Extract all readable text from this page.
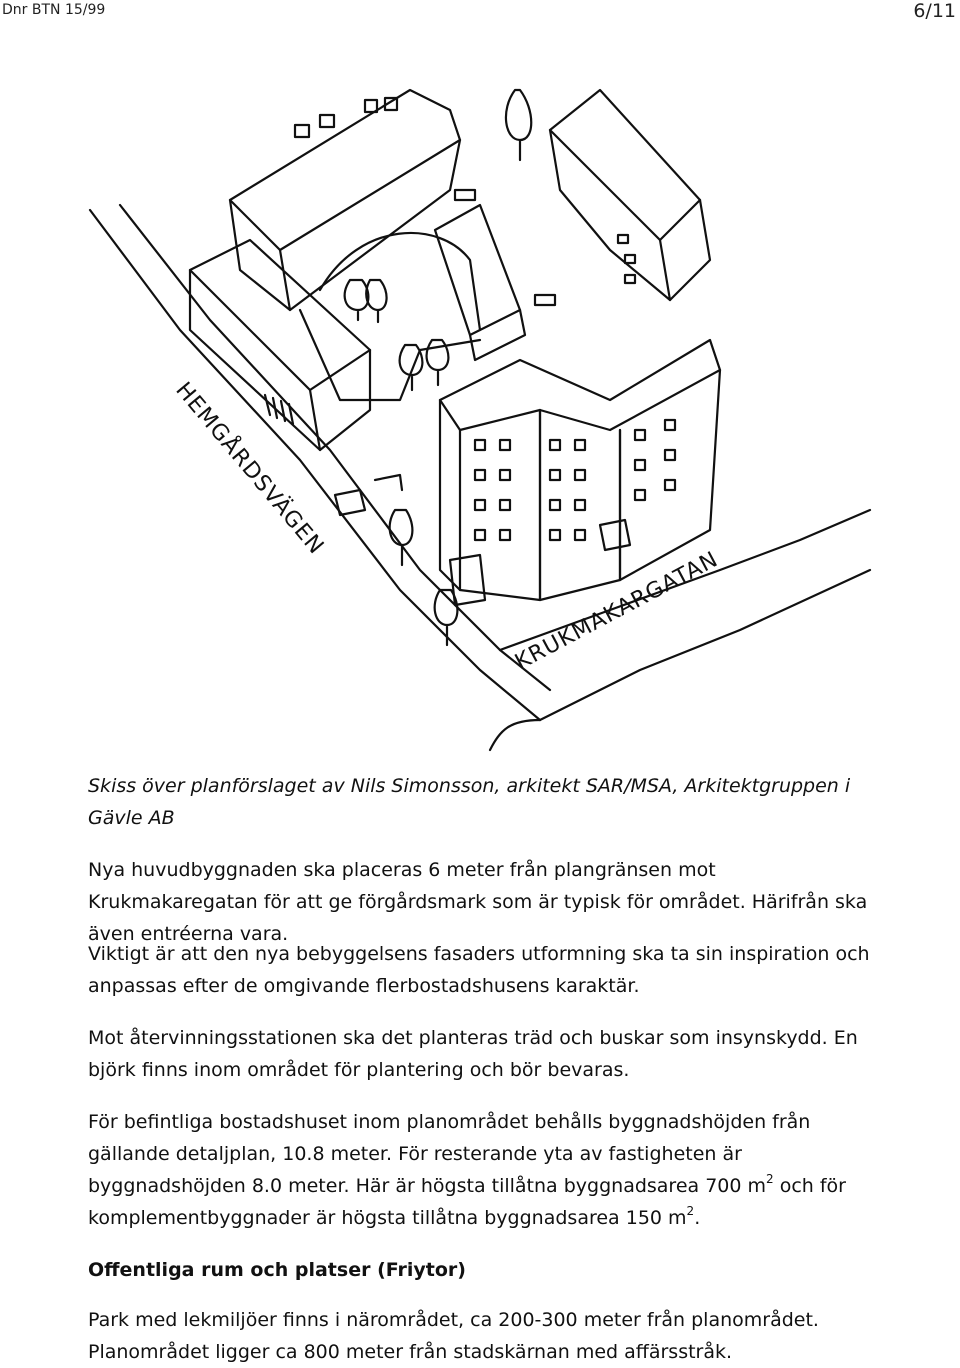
Dnr BTN 15/99	6/11
HEMGÅRDSVÄGEN
KRUKMAKARGATAN

Skiss över planförslaget av Nils Simonsson, arkitekt SAR/MSA, Arkitektgruppen i Gävle AB

Nya huvudbyggnaden ska placeras 6 meter från plangränsen mot Krukmakaregatan för att ge förgårdsmark som är typisk för området. Härifrån ska även entréerna vara.

Viktigt är att den nya bebyggelsens fasaders utformning ska ta sin inspiration och anpassas efter de omgivande flerbostadshusens karaktär.

Mot återvinningsstationen ska det planteras träd och buskar som insynskydd. En björk finns inom området för plantering och bör bevaras.

För befintliga bostadshuset inom planområdet behålls byggnadshöjden från gällande detaljplan, 10.8 meter. För resterande yta av fastigheten är byggnadshöjden 8.0 meter. Här är högsta tillåtna byggnadsarea 700 $m^2$ och för komplementbyggnader är högsta tillåtna byggnadsarea 150 $m^2$.

Offentliga rum och platser (Friytor)

Park med lekmiljöer finns i närområdet, ca 200-300 meter från planområdet. Planområdet ligger ca 800 meter från stadskärnan med affärsstråk.
